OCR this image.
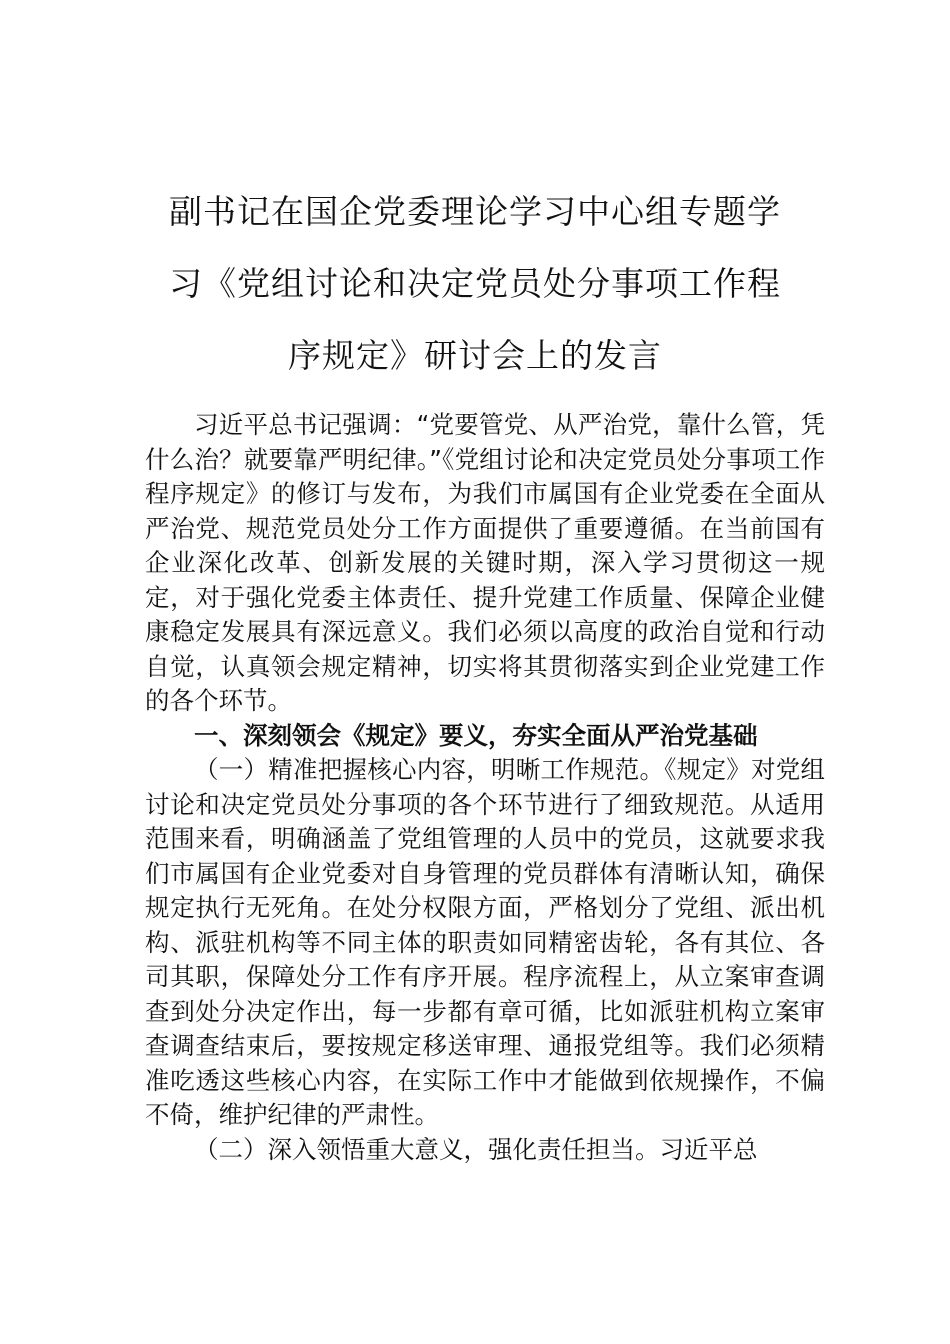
副书记在国企党委理论学习中心组专题学
习《党组讨论和决定党员处分事项工作程
序规定》研讨会上的发言

习近平总书记强调：“党要管党、从严治党，靠什么管，凭什么治？就要靠严明纪律。”《党组讨论和决定党员处分事项工作程序规定》的修订与发布，为我们市属国有企业党委在全面从严治党、规范党员处分工作方面提供了重要遵循。在当前国有企业深化改革、创新发展的关键时期，深入学习贯彻这一规定，对于强化党委主体责任、提升党建工作质量、保障企业健康稳定发展具有深远意义。我们必须以高度的政治自觉和行动自觉，认真领会规定精神，切实将其贯彻落实到企业党建工作的各个环节。

一、深刻领会《规定》要义，夯实全面从严治党基础

（一）精准把握核心内容，明晰工作规范。《规定》对党组讨论和决定党员处分事项的各个环节进行了细致规范。从适用范围来看，明确涵盖了党组管理的人员中的党员，这就要求我们市属国有企业党委对自身管理的党员群体有清晰认知，确保规定执行无死角。在处分权限方面，严格划分了党组、派出机构、派驻机构等不同主体的职责如同精密齿轮，各有其位、各司其职，保障处分工作有序开展。程序流程上，从立案审查调查到处分决定作出，每一步都有章可循，比如派驻机构立案审查调查结束后，要按规定移送审理、通报党组等。我们必须精准吃透这些核心内容，在实际工作中才能做到依规操作，不偏不倚，维护纪律的严肃性。

（二）深入领悟重大意义，强化责任担当。习近平总
